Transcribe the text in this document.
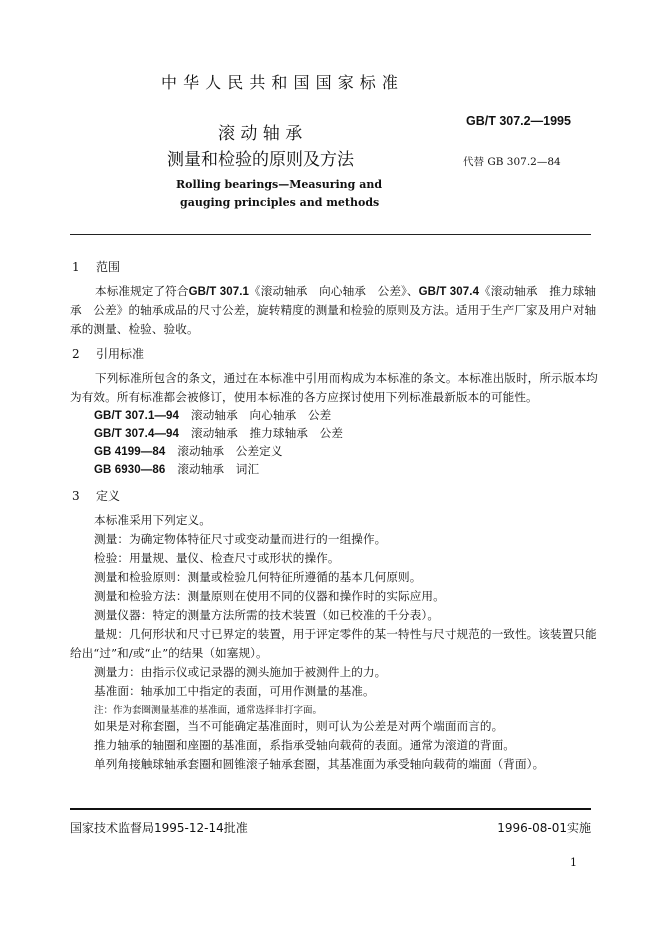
中 华 人 民 共 和 国 国 家 标 准
GB/T 307.2—1995
滚 动 轴 承
测量和检验的原则及方法	代替 GB 307.2—84
Rolling bearings—Measuring and
gauging principles and methods
1 范围
本标准规定了符合GB/T 307.1《滚动轴承　向心轴承　公差》、GB/T 307.4《滚动轴承　推力球轴
承　公差》的轴承成品的尺寸公差，旋转精度的测量和检验的原则及方法。适用于生产厂家及用户对轴
承的测量、检验、验收。
2 引用标准
下列标准所包含的条文，通过在本标准中引用而构成为本标准的条文。本标准出版时，所示版本均
为有效。所有标准都会被修订，使用本标准的各方应探讨使用下列标准最新版本的可能性。
GB/T 307.1—94 滚动轴承　向心轴承　公差
GB/T 307.4—94 滚动轴承　推力球轴承　公差
GB 4199—84 滚动轴承　公差定义
GB 6930—86 滚动轴承　词汇
3 定义
本标准采用下列定义。
测量：为确定物体特征尺寸或变动量而进行的一组操作。
检验：用量规、量仪、检查尺寸或形状的操作。
测量和检验原则：测量或检验几何特征所遵循的基本几何原则。
测量和检验方法：测量原则在使用不同的仪器和操作时的实际应用。
测量仪器：特定的测量方法所需的技术装置（如已校准的千分表）。
量规：几何形状和尺寸已界定的装置，用于评定零件的某一特性与尺寸规范的一致性。该装置只能
给出“过”和/或“止”的结果（如塞规）。
测量力：由指示仪或记录器的测头施加于被测件上的力。
基准面：轴承加工中指定的表面，可用作测量的基准。
注：作为套圈测量基准的基准面，通常选择非打字面。
如果是对称套圈，当不可能确定基准面时，则可认为公差是对两个端面而言的。
推力轴承的轴圈和座圈的基准面，系指承受轴向载荷的表面。通常为滚道的背面。
单列角接触球轴承套圈和圆锥滚子轴承套圈，其基准面为承受轴向载荷的端面（背面）。
国家技术监督局1995-12-14批准	1996-08-01实施
1
